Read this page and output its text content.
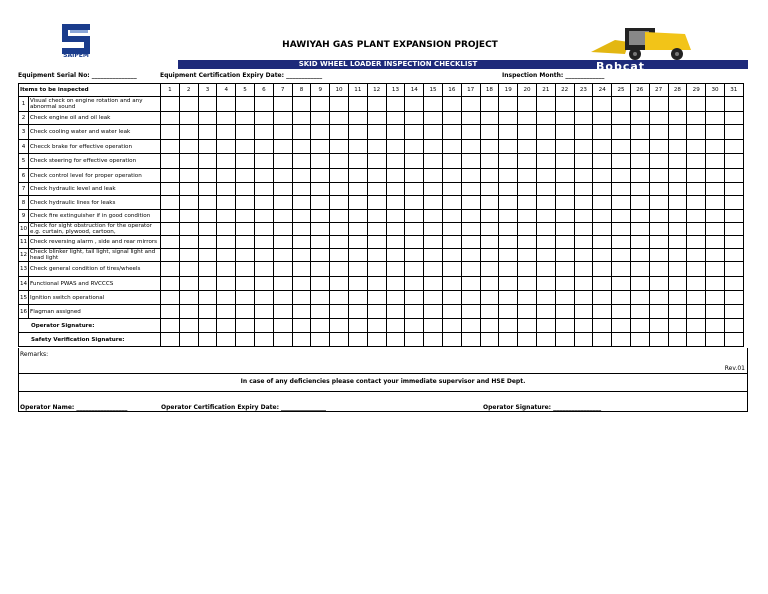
SAIPEM
HAWIYAH GAS PLANT EXPANSION PROJECT
SKID WHEEL LOADER INSPECTION CHECKLIST	Bobcat
Equipment Serial No: _______________	Equipment Certification Expiry Date: ____________	Inspection Month: _____________
Items to be inspected		1	2	3	4	5	6	7	8	9	10	11	12	13	14	15	16	17	18	19	20	21	22	23	24	25	26	27	28	29	30	31
1	Visual check on engine rotation and any abnormal sound																															
2	Check engine oil and oil leak																															
3	Check cooling water and water leak																															
4	Checck brake for effective operation																															
5	Check steering for effective operation																															
6	Check control level for proper operation																															
7	Check hydraulic level and leak																															
8	Check hydraulic lines for leaks																															
9	Check fire extinguisher if in good condition																															
10	Check for sight obstruction for the operator e.g. curtain, plywood, cartoon,																															
11	Check reversing alarm , side and rear mirrors																															
12	Check blinker light, tail light, signal light and head light																															
13	Check general condition of tires/wheels																															
14	Functional PWAS and RVCCCS																															
15	Ignition switch operational																															
16	Flagman assigned																															
Operator Signature:																																
Safety Verification Signature:																																
Remarks:
Rev.01
In case of any deficiencies please contact your immediate supervisor and HSE Dept.
Operator Name: _________________	Operator Certification Expiry Date: _______________	Operator Signature: ________________
